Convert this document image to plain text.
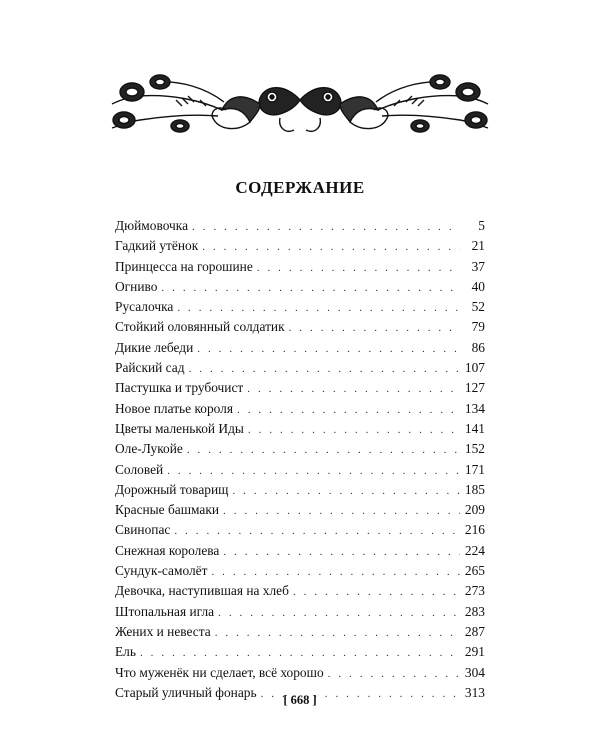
СОДЕРЖАНИЕ
Дюймовочка . . .	5
Гадкий утёнок . . .	21
Принцесса на горошине . . .	37
Огниво . . .	40
Русалочка . . .	52
Стойкий оловянный солдатик . . .	79
Дикие лебеди . . .	86
Райский сад . . .	107
Пастушка и трубочист . . .	127
Новое платье короля . . .	134
Цветы маленькой Иды . . .	141
Оле-Лукойе . . .	152
Соловей . . .	171
Дорожный товарищ . . .	185
Красные башмаки . . .	209
Свинопас . . .	216
Снежная королева . . .	224
Сундук-самолёт . . .	265
Девочка, наступившая на хлеб . . .	273
Штопальная игла . . .	283
Жених и невеста . . .	287
Ель . . .	291
Что муженёк ни сделает, всё хорошо . . .	304
Старый уличный фонарь . . .	313
[ 668 ]
